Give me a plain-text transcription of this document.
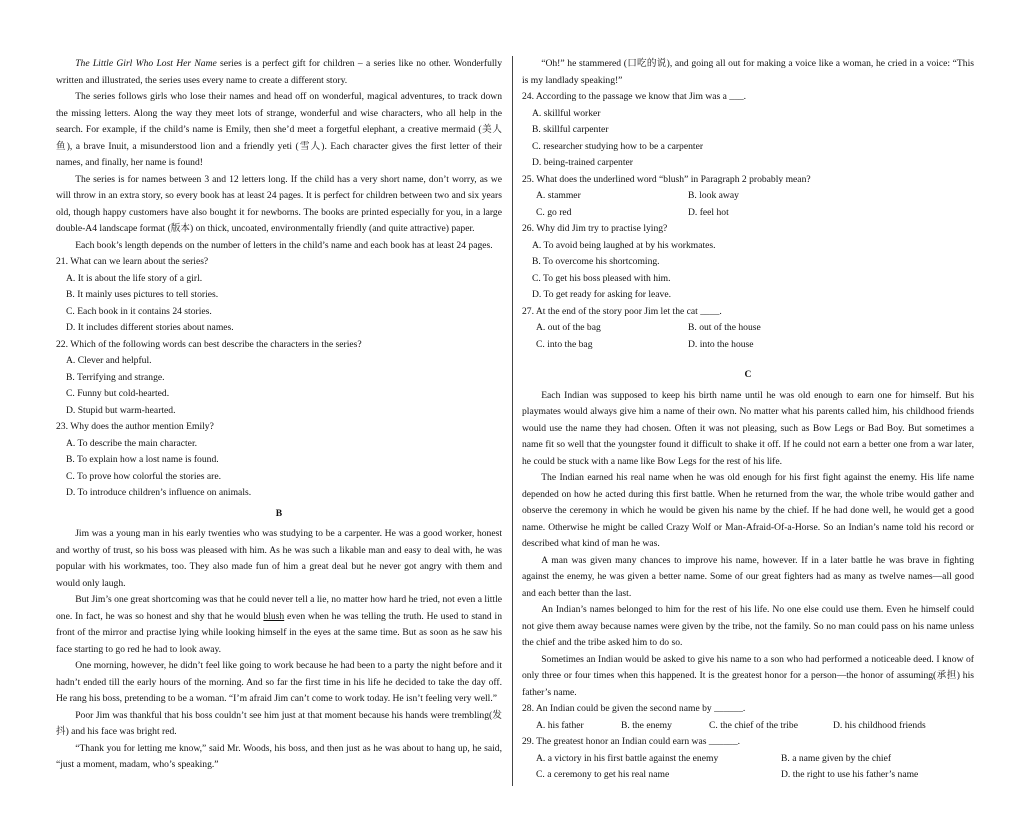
The Little Girl Who Lost Her Name series is a perfect gift for children – a series like no other. Wonderfully written and illustrated, the series uses every name to create a different story.

The series follows girls who lose their names and head off on wonderful, magical adventures, to track down the missing letters. Along the way they meet lots of strange, wonderful and wise characters, who all help in the search. For example, if the child’s name is Emily, then she’d meet a forgetful elephant, a creative mermaid (美人鱼), a brave Inuit, a misunderstood lion and a friendly yeti (雪人). Each character gives the first letter of their names, and finally, her name is found!

The series is for names between 3 and 12 letters long. If the child has a very short name, don’t worry, as we will throw in an extra story, so every book has at least 24 pages. It is perfect for children between two and six years old, though happy customers have also bought it for newborns. The books are printed especially for you, in a large double-A4 landscape format (版本) on thick, uncoated, environmentally friendly (and quite attractive) paper.

Each book’s length depends on the number of letters in the child’s name and each book has at least 24 pages.

21. What can we learn about the series?
A. It is about the life story of a girl.
B. It mainly uses pictures to tell stories.
C. Each book in it contains 24 stories.
D. It includes different stories about names.
22. Which of the following words can best describe the characters in the series?
A. Clever and helpful.
B. Terrifying and strange.
C. Funny but cold-hearted.
D. Stupid but warm-hearted.
23. Why does the author mention Emily?
A. To describe the main character.
B. To explain how a lost name is found.
C. To prove how colorful the stories are.
D. To introduce children’s influence on animals.
B

Jim was a young man in his early twenties who was studying to be a carpenter. He was a good worker, honest and worthy of trust, so his boss was pleased with him. As he was such a likable man and easy to deal with, he was popular with his workmates, too. They also made fun of him a great deal but he never got angry with them and would only laugh.

But Jim’s one great shortcoming was that he could never tell a lie, no matter how hard he tried, not even a little one. In fact, he was so honest and shy that he would blush even when he was telling the truth. He used to stand in front of the mirror and practise lying while looking himself in the eyes at the same time. But as soon as he saw his face starting to go red he had to look away.

One morning, however, he didn’t feel like going to work because he had been to a party the night before and it hadn’t ended till the early hours of the morning. And so far the first time in his life he decided to take the day off. He rang his boss, pretending to be a woman. “I’m afraid Jim can’t come to work today. He isn’t feeling very well.”

Poor Jim was thankful that his boss couldn’t see him just at that moment because his hands were trembling(发抖) and his face was bright red.

“Thank you for letting me know,” said Mr. Woods, his boss, and then just as he was about to hang up, he said, “just a moment, madam, who’s speaking.”

“Oh!” he stammered (口吃的说), and going all out for making a voice like a woman, he cried in a voice: “This is my landlady speaking!”

24. According to the passage we know that Jim was a ___.
A. skillful worker
B. skillful carpenter
C. researcher studying how to be a carpenter
D. being-trained carpenter
25. What does the underlined word “blush” in Paragraph 2 probably mean?
A. stammer	B. look away
C. go red	D. feel hot
26. Why did Jim try to practise lying?
A. To avoid being laughed at by his workmates.
B. To overcome his shortcoming.
C. To get his boss pleased with him.
D. To get ready for asking for leave.
27. At the end of the story poor Jim let the cat ____.
A. out of the bag	B. out of the house
C. into the bag	D. into the house
C

Each Indian was supposed to keep his birth name until he was old enough to earn one for himself. But his playmates would always give him a name of their own. No matter what his parents called him, his childhood friends would use the name they had chosen. Often it was not pleasing, such as Bow Legs or Bad Boy. But sometimes a name fit so well that the youngster found it difficult to shake it off. If he could not earn a better one from a war later, he could be stuck with a name like Bow Legs for the rest of his life.

The Indian earned his real name when he was old enough for his first fight against the enemy. His life name depended on how he acted during this first battle. When he returned from the war, the whole tribe would gather and observe the ceremony in which he would be given his name by the chief. If he had done well, he would get a good name. Otherwise he might be called Crazy Wolf or Man-Afraid-Of-a-Horse. So an Indian’s name told his record or described what kind of man he was.

A man was given many chances to improve his name, however. If in a later battle he was brave in fighting against the enemy, he was given a better name. Some of our great fighters had as many as twelve names—all good and each better than the last.

An Indian’s names belonged to him for the rest of his life. No one else could use them. Even he himself could not give them away because names were given by the tribe, not the family. So no man could pass on his name unless the chief and the tribe asked him to do so.

Sometimes an Indian would be asked to give his name to a son who had performed a noticeable deed. I know of only three or four times when this happened. It is the greatest honor for a person—the honor of assuming(承担) his father’s name.

28. An Indian could be given the second name by ______.
A. his father	B. the enemy	C. the chief of the tribe	D. his childhood friends
29. The greatest honor an Indian could earn was ______.
A. a victory in his first battle against the enemy	B. a name given by the chief
C. a ceremony to get his real name	D. the right to use his father’s name
